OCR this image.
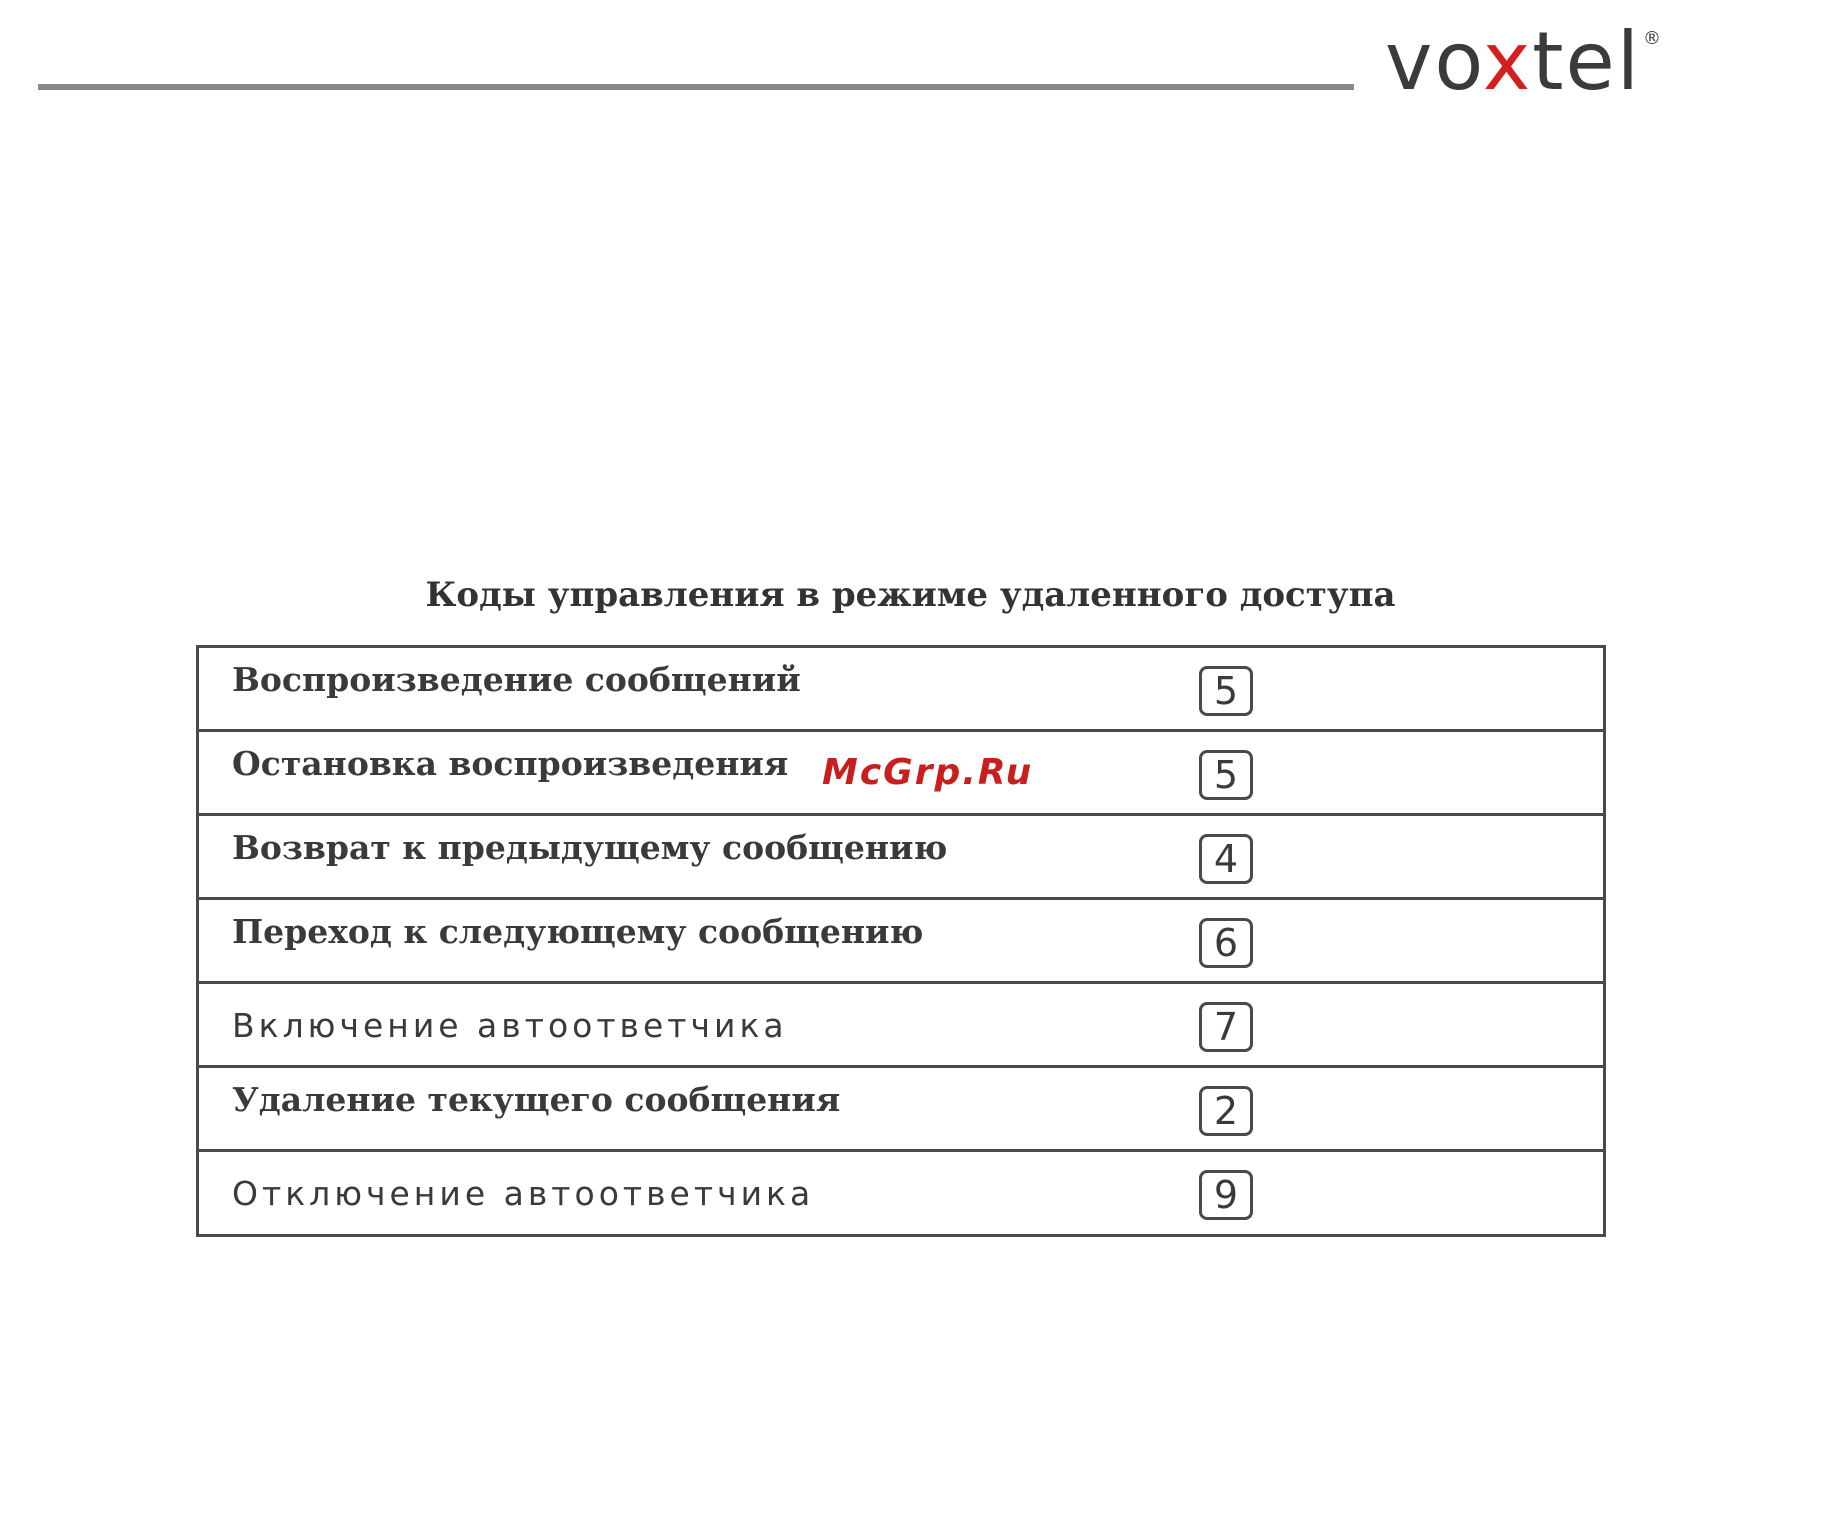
voxtel ®
Коды управления в режиме удаленного доступа
Воспроизведение сообщений	5
Остановка воспроизведения	5
Возврат к предыдущему сообщению	4
Переход к следующему сообщению	6
Включение автоответчика	7
Удаление текущего сообщения	2
Отключение автоответчика	9
McGrp.Ru
